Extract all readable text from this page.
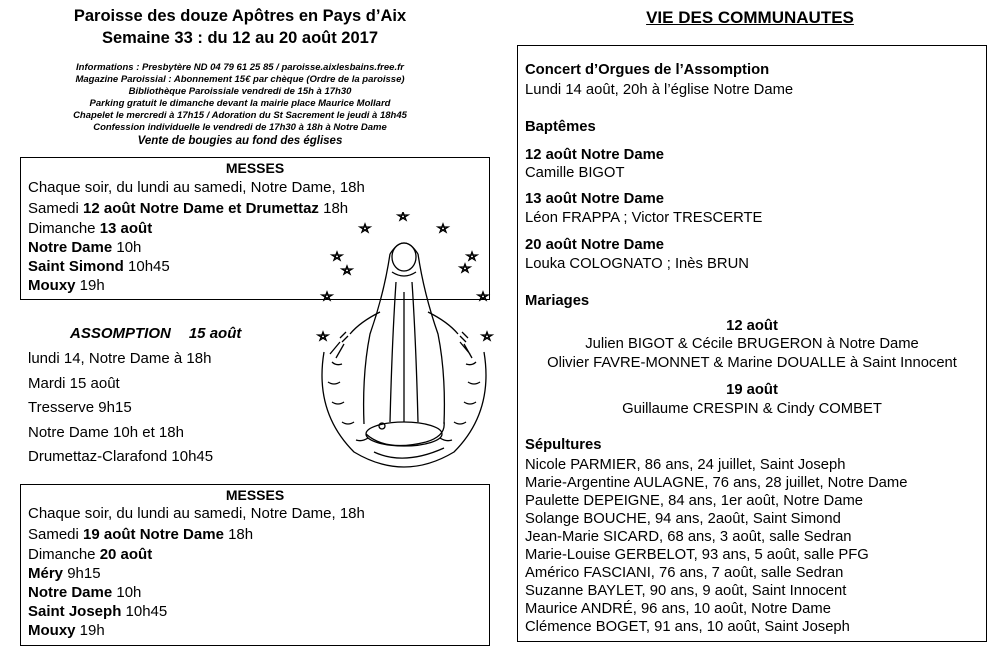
Paroisse des douze Apôtres en Pays d’Aix
Semaine 33 : du 12 au 20 août 2017
Informations : Presbytère ND 04 79 61 25 85 / paroisse.aixlesbains.free.fr
Magazine Paroissial : Abonnement 15€ par chèque (Ordre de la paroisse)
Bibliothèque Paroissiale vendredi de 15h à 17h30
Parking gratuit le dimanche devant la mairie place Maurice Mollard
Chapelet le mercredi à 17h15 / Adoration du St Sacrement le jeudi à 18h45
Confession individuelle le vendredi de 17h30 à 18h à Notre Dame
Vente de bougies au fond des églises
MESSES
Chaque soir, du lundi au samedi, Notre Dame, 18h
Samedi 12 août Notre Dame et Drumettaz 18h
Dimanche 13 août
Notre Dame 10h
Saint Simond 10h45
Mouxy 19h
ASSOMPTION 15 août
lundi 14, Notre Dame à 18h
Mardi 15 août
Tresserve 9h15
Notre Dame 10h et 18h
Drumettaz-Clarafond 10h45
MESSES
Chaque soir, du lundi au samedi, Notre Dame, 18h
Samedi 19 août Notre Dame 18h
Dimanche 20 août
Méry 9h15
Notre Dame 10h
Saint Joseph 10h45
Mouxy 19h
VIE DES COMMUNAUTES
Concert d’Orgues de l’Assomption
Lundi 14 août, 20h à l’église Notre Dame
Baptêmes
12 août Notre Dame
Camille BIGOT
13 août Notre Dame
Léon FRAPPA ; Victor TRESCERTE
20 août Notre Dame
Louka COLOGNATO ; Inès BRUN
Mariages
12 août
Julien BIGOT & Cécile BRUGERON à Notre Dame
Olivier FAVRE-MONNET & Marine DOUALLE à Saint Innocent
19 août
Guillaume CRESPIN & Cindy COMBET
Sépultures
Nicole PARMIER, 86 ans, 24 juillet, Saint Joseph
Marie-Argentine AULAGNE, 76 ans, 28 juillet, Notre Dame
Paulette DEPEIGNE, 84 ans, 1er août, Notre Dame
Solange BOUCHE, 94 ans, 2août, Saint Simond
Jean-Marie SICARD, 68 ans, 3 août, salle Sedran
Marie-Louise GERBELOT, 93 ans, 5 août, salle PFG
Américo FASCIANI, 76 ans, 7 août, salle Sedran
Suzanne BAYLET, 90 ans, 9 août, Saint Innocent
Maurice ANDRÉ, 96 ans, 10 août, Notre Dame
Clémence BOGET, 91 ans, 10 août, Saint Joseph
